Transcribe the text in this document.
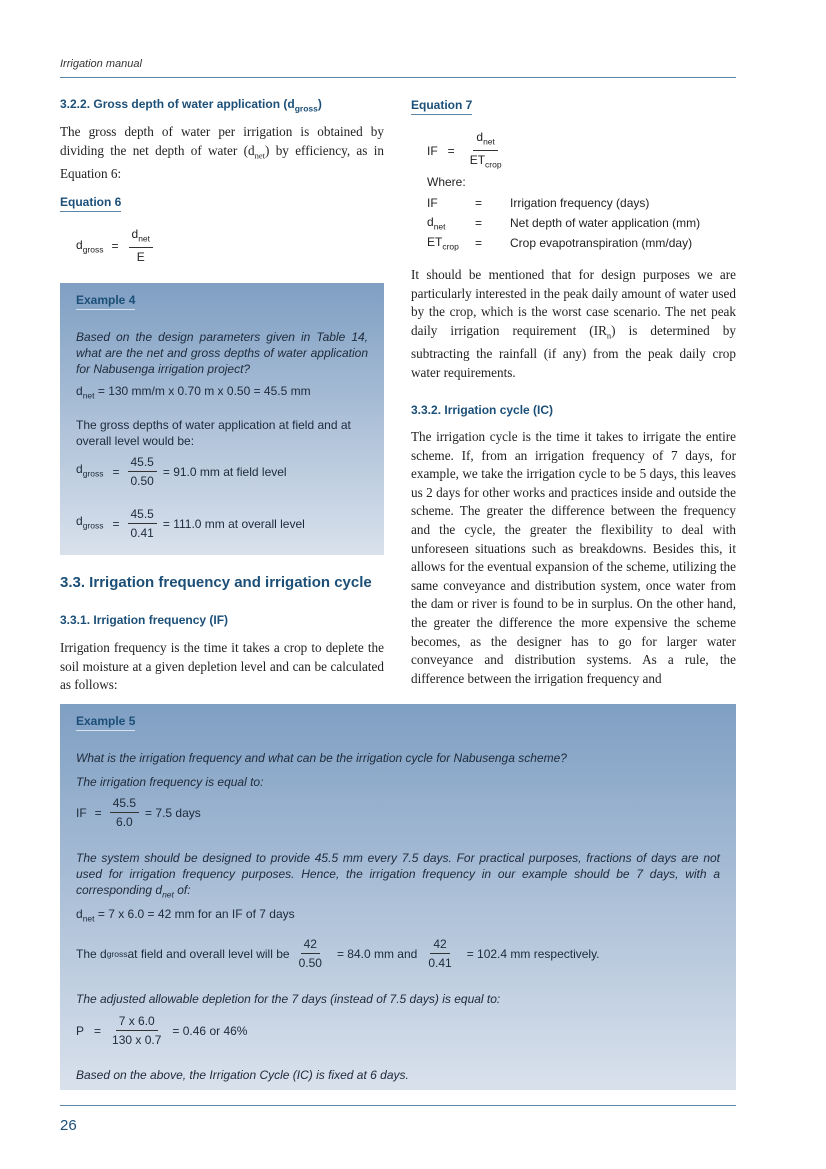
Irrigation manual
3.2.2. Gross depth of water application $(d_{gross})$
The gross depth of water per irrigation is obtained by dividing the net depth of water $(d_{net})$ by efficiency, as in Equation 6:
Equation 6
$d_{gross} = \frac{d_{net}}{E}$
Example 4
Based on the design parameters given in Table 14, what are the net and gross depths of water application for Nabusenga irrigation project?
$d_{net} = 130$ mm/m x 0.70 m x 0.50 = 45.5 mm
The gross depths of water application at field and at overall level would be:
$d_{gross} = \frac{45.5}{0.50} = 91.0$ mm at field level
$d_{gross} = \frac{45.5}{0.41} = 111.0$ mm at overall level
3.3. Irrigation frequency and irrigation cycle
3.3.1. Irrigation frequency (IF)
Irrigation frequency is the time it takes a crop to deplete the soil moisture at a given depletion level and can be calculated as follows:
Equation 7
IF = $\frac{d_{net}}{ET_{crop}}$
Where:
IF	=	Irrigation frequency (days)
$d_{net}$	=	Net depth of water application (mm)
$ET_{crop}$	=	Crop evapotranspiration (mm/day)
It should be mentioned that for design purposes we are particularly interested in the peak daily amount of water used by the crop, which is the worst case scenario. The net peak daily irrigation requirement $(IR_n)$ is determined by subtracting the rainfall (if any) from the peak daily crop water requirements.
3.3.2. Irrigation cycle (IC)
The irrigation cycle is the time it takes to irrigate the entire scheme. If, from an irrigation frequency of 7 days, for example, we take the irrigation cycle to be 5 days, this leaves us 2 days for other works and practices inside and outside the scheme. The greater the difference between the frequency and the cycle, the greater the flexibility to deal with unforeseen situations such as breakdowns. Besides this, it allows for the eventual expansion of the scheme, utilizing the same conveyance and distribution system, once water from the dam or river is found to be in surplus. On the other hand, the greater the difference the more expensive the scheme becomes, as the designer has to go for larger water conveyance and distribution systems. As a rule, the difference between the irrigation frequency and
Example 5
What is the irrigation frequency and what can be the irrigation cycle for Nabusenga scheme?
The irrigation frequency is equal to:
IF = $\frac{45.5}{6.0} = 7.5$ days
The system should be designed to provide 45.5 mm every 7.5 days. For practical purposes, fractions of days are not used for irrigation frequency purposes. Hence, the irrigation frequency in our example should be 7 days, with a corresponding $d_{net}$ of:
$d_{net} = 7$ x 6.0 = 42 mm for an IF of 7 days
The d gross at field and overall level will be $\frac{42}{0.50} = 84.0$ mm and $\frac{42}{0.41} = 102.4$ mm respectively.
The adjusted allowable depletion for the 7 days (instead of 7.5 days) is equal to:
$P = \frac{7 x 6.0}{130 x 0.7} = 0.46$ or 46%
Based on the above, the Irrigation Cycle (IC) is fixed at 6 days.
26
